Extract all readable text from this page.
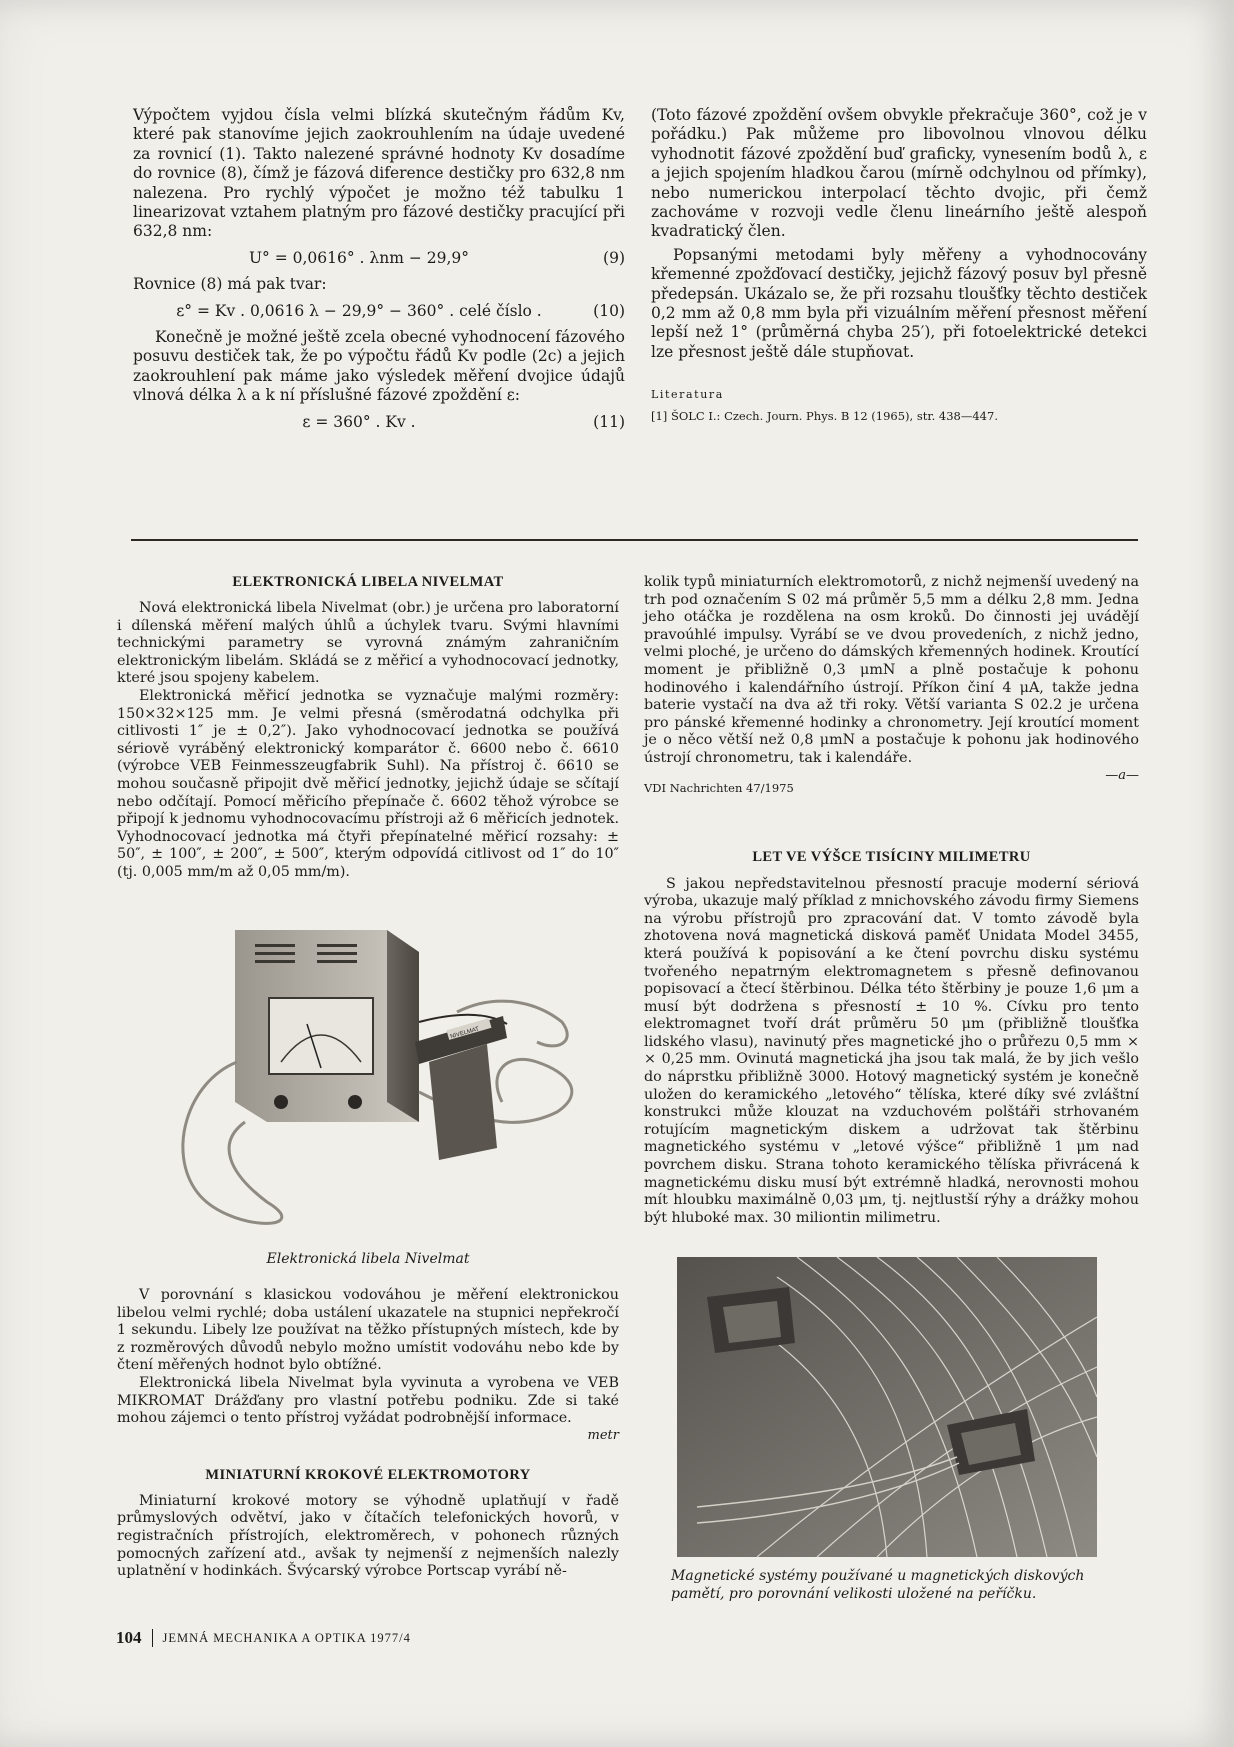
Výpočtem vyjdou čísla velmi blízká skutečným řádům Kv, které pak stanovíme jejich zaokrouhlením na údaje uvedené za rovnicí (1). Takto nalezené správné hodnoty Kv dosadíme do rovnice (8), čímž je fázová diference destičky pro 632,8 nm nalezena. Pro rychlý výpočet je možno též tabulku 1 linearizovat vztahem platným pro fázové destičky pracující při 632,8 nm:

U° = 0,0616° . λnm − 29,9°	(9)

Rovnice (8) má pak tvar:

ε° = Kv . 0,0616 λ − 29,9° − 360° . celé číslo .	(10)

Konečně je možné ještě zcela obecné vyhodnocení fázového posuvu destiček tak, že po výpočtu řádů Kv podle (2c) a jejich zaokrouhlení pak máme jako výsledek měření dvojice údajů vlnová délka λ a k ní příslušné fázové zpoždění ε:

ε = 360° . Kv .	(11)

(Toto fázové zpoždění ovšem obvykle překračuje 360°, což je v pořádku.) Pak můžeme pro libovolnou vlnovou délku vyhodnotit fázové zpoždění buď graficky, vynesením bodů λ, ε a jejich spojením hladkou čarou (mírně odchylnou od přímky), nebo numerickou interpolací těchto dvojic, při čemž zachováme v rozvoji vedle členu lineárního ještě alespoň kvadratický člen.

Popsanými metodami byly měřeny a vyhodnocovány křemenné zpožďovací destičky, jejichž fázový posuv byl přesně předepsán. Ukázalo se, že při rozsahu tloušťky těchto destiček 0,2 mm až 0,8 mm byla při vizuálním měření přesnost měření lepší než 1° (průměrná chyba 25′), při fotoelektrické detekci lze přesnost ještě dále stupňovat.

Literatura
[1] ŠOLC I.: Czech. Journ. Phys. B 12 (1965), str. 438—447.
ELEKTRONICKÁ LIBELA NIVELMAT

Nová elektronická libela Nivelmat (obr.) je určena pro laboratorní i dílenská měření malých úhlů a úchylek tvaru. Svými hlavními technickými parametry se vyrovná známým zahraničním elektronickým libelám. Skládá se z měřicí a vyhodnocovací jednotky, které jsou spojeny kabelem.

Elektronická měřicí jednotka se vyznačuje malými rozměry: 150×32×125 mm. Je velmi přesná (směrodatná odchylka při citlivosti 1″ je ± 0,2″). Jako vyhodnocovací jednotka se používá sériově vyráběný elektronický komparátor č. 6600 nebo č. 6610 (výrobce VEB Feinmesszeugfabrik Suhl). Na přístroj č. 6610 se mohou současně připojit dvě měřicí jednotky, jejichž údaje se sčítají nebo odčítají. Pomocí měřicího přepínače č. 6602 těhož výrobce se připojí k jednomu vyhodnocovacímu přístroji až 6 měřicích jednotek. Vyhodnocovací jednotka má čtyři přepínatelné měřicí rozsahy: ± 50″, ± 100″, ± 200″, ± 500″, kterým odpovídá citlivost od 1″ do 10″ (tj. 0,005 mm/m až 0,05 mm/m).

NIVELMAT
Elektronická libela Nivelmat

V porovnání s klasickou vodováhou je měření elektronickou libelou velmi rychlé; doba ustálení ukazatele na stupnici nepřekročí 1 sekundu. Libely lze používat na těžko přístupných místech, kde by z rozměrových důvodů nebylo možno umístit vodováhu nebo kde by čtení měřených hodnot bylo obtížné.

Elektronická libela Nivelmat byla vyvinuta a vyrobena ve VEB MIKROMAT Drážďany pro vlastní potřebu podniku. Zde si také mohou zájemci o tento přístroj vyžádat podrobnější informace.

metr
MINIATURNÍ KROKOVÉ ELEKTROMOTORY

Miniaturní krokové motory se výhodně uplatňují v řadě průmyslových odvětví, jako v čítačích telefonických hovorů, v registračních přístrojích, elektroměrech, v pohonech různých pomocných zařízení atd., avšak ty nejmenší z nejmenších nalezly uplatnění v hodinkách. Švýcarský výrobce Portscap vyrábí ně-

kolik typů miniaturních elektromotorů, z nichž nejmenší uvedený na trh pod označením S 02 má průměr 5,5 mm a délku 2,8 mm. Jedna jeho otáčka je rozdělena na osm kroků. Do činnosti jej uvádějí pravoúhlé impulsy. Vyrábí se ve dvou provedeních, z nichž jedno, velmi ploché, je určeno do dámských křemenných hodinek. Kroutící moment je přibližně 0,3 μmN a plně postačuje k pohonu hodinového i kalendářního ústrojí. Příkon činí 4 μA, takže jedna baterie vystačí na dva až tři roky. Větší varianta S 02.2 je určena pro pánské křemenné hodinky a chronometry. Její kroutící moment je o něco větší než 0,8 μmN a postačuje k pohonu jak hodinového ústrojí chronometru, tak i kalendáře.

—a—
VDI Nachrichten 47/1975
LET VE VÝŠCE TISÍCINY MILIMETRU

S jakou nepředstavitelnou přesností pracuje moderní sériová výroba, ukazuje malý příklad z mnichovského závodu firmy Siemens na výrobu přístrojů pro zpracování dat. V tomto závodě byla zhotovena nová magnetická disková paměť Unidata Model 3455, která používá k popisování a ke čtení povrchu disku systému tvořeného nepatrným elektromagnetem s přesně definovanou popisovací a čtecí štěrbinou. Délka této štěrbiny je pouze 1,6 μm a musí být dodržena s přesností ± 10 %. Cívku pro tento elektromagnet tvoří drát průměru 50 μm (přibližně tloušťka lidského vlasu), navinutý přes magnetické jho o průřezu 0,5 mm × × 0,25 mm. Ovinutá magnetická jha jsou tak malá, že by jich vešlo do náprstku přibližně 3000. Hotový magnetický systém je konečně uložen do keramického „letového“ tělíska, které díky své zvláštní konstrukci může klouzat na vzduchovém polštáři strhovaném rotujícím magnetickým diskem a udržovat tak štěrbinu magnetického systému v „letové výšce“ přibližně 1 μm nad povrchem disku. Strana tohoto keramického tělíska přivrácená k magnetickému disku musí být extrémně hladká, nerovnosti mohou mít hloubku maximálně 0,03 μm, tj. nejtlustší rýhy a drážky mohou být hluboké max. 30 miliontin milimetru.

Magnetické systémy používané u magnetických diskových pamětí, pro porovnání velikosti uložené na peříčku.
104 JEMNÁ MECHANIKA A OPTIKA 1977/4
